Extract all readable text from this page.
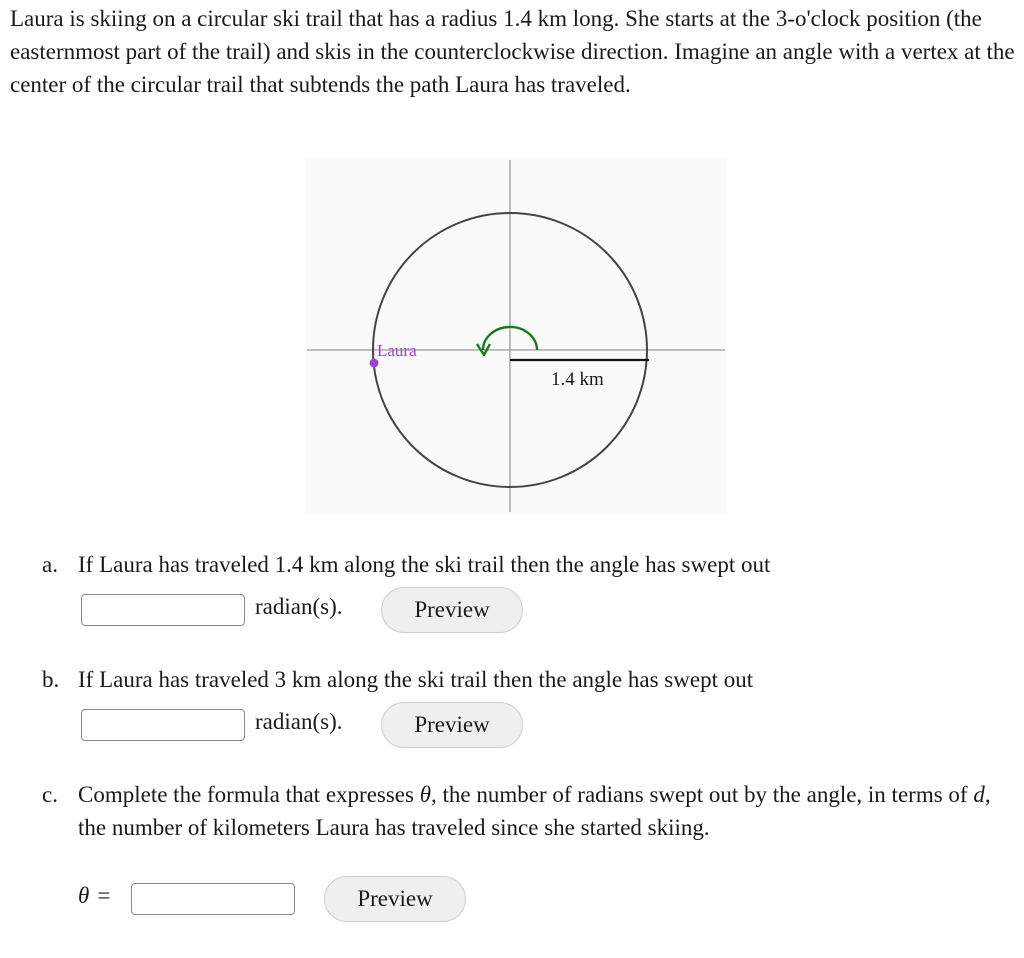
Laura is skiing on a circular ski trail that has a radius 1.4 km long. She starts at the 3-o'clock position (the easternmost part of the trail) and skis in the counterclockwise direction. Imagine an angle with a vertex at the center of the circular trail that subtends the path Laura has traveled.

Laura
1.4 km
a. If Laura has traveled 1.4 km along the ski trail then the angle has swept out

radian(s).	Preview
b. If Laura has traveled 3 km along the ski trail then the angle has swept out

radian(s).	Preview
c. Complete the formula that expresses θ, the number of radians swept out by the angle, in terms of d, the number of kilometers Laura has traveled since she started skiing.

θ =	Preview
